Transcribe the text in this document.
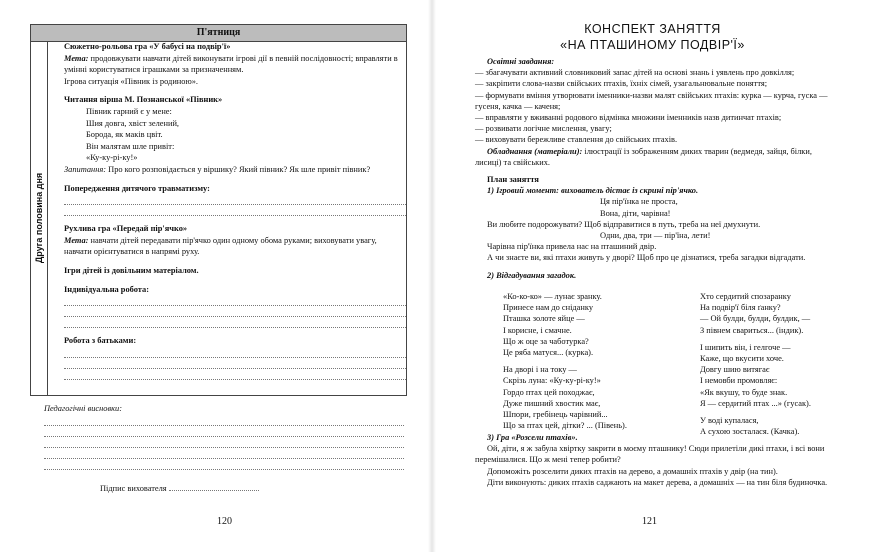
П'ятниця
Друга половина дня

Сюжетно-рольова гра «У бабусі на подвір'ї»

Мета: продовжувати навчати дітей виконувати ігрові дії в певній послідовності; вправляти в умінні користуватися іграшками за призначенням.

Ігрова ситуація «Півник із родиною».

Читання вірша М. Познанської «Півник»

Півник гарний є у мене:

Шия довга, хвіст зелений,

Борода, як маків цвіт.

Він малятам шле привіт:

«Ку-ку-рі-ку!»

Запитання: Про кого розповідається у віршику? Який півник? Як шле привіт півник?

Попередження дитячого травматизму:

Рухлива гра «Передай пір'ячко»

Мета: навчати дітей передавати пір'ячко один одному обома руками; виховувати увагу, навчати орієнтуватися в напрямі руху.

Ігри дітей із довільним матеріалом.

Індивідуальна робота:

Робота з батьками:

Педагогічні висновки:

Підпис вихователя
120
КОНСПЕКТ ЗАНЯТТЯ
«НА ПТАШИНОМУ ПОДВІР'Ї»

Освітні завдання:

— збагачувати активний словниковий запас дітей на основі знань і уявлень про довкілля;

— закріпити слова-назви свійських птахів, їхніх сімей, узагальнювальне поняття;

— формувати вміння утворювати іменники-назви малят свійських птахів: курка — курча, гуска — гусеня, качка — каченя;

— вправляти у вживанні родового відмінка множини іменників назв дитинчат птахів;

— розвивати логічне мислення, увагу;

— виховувати бережливе ставлення до свійських птахів.

Обладнання (матеріали): ілюстрації із зображенням диких тварин (ведмедя, зайця, білки, лисиці) та свійських.

План заняття

1) Ігровий момент: вихователь дістає із скрині пір'ячко.

Ця пір'їнка не проста,

Вона, діти, чарівна!

Ви любите подорожувати? Щоб відправитися в путь, треба на неї дмухнути.

Одни, два, три — пір'їна, лети!

Чарівна пір'їнка привела нас на пташиний двір.

А чи знаєте ви, які птахи живуть у дворі? Щоб про це дізнатися, треба загадки відгадати.

2) Відгадування загадок.

«Ко-ко-ко» — лунає зранку.

Принесе нам до сніданку

Пташка золоте яйце —

І корисне, і смачне.

Що ж оце за чаботурка?

Це ряба матуся... (курка).

На дворі і на току —

Скрізь луна: «Ку-ку-рі-ку!»

Гордо птах цей походжає,

Дуже пишний хвостик має,

Шпори, гребінець чарівний...

Що за птах цей, дітки? ... (Півень).

Хто сердитий спозаранку

На подвір'ї біля ґанку?

— Ой булди, булди, булдик, —

З півнем свариться... (індик).

І шипить він, і гелгоче —

Каже, що вкусити хоче.

Довгу шию витягає

І немовби промовляє:

«Як вкушу, то буде знак.

Я — сердитий птах ...» (гусак).

У воді купалася,

А сухою зосталася. (Качка).

3) Гра «Розсели птахів».

Ой, діти, я ж забула хвіртку закрити в моєму пташнику! Сюди прилетіли дикі птахи, і всі вони перемішалися. Що ж мені тепер робити?

Допоможіть розселити диких птахів на дерево, а домашніх птахів у двір (на тин).

Діти виконують: диких птахів саджають на макет дерева, а домашніх — на тин біля будиночка.

121
